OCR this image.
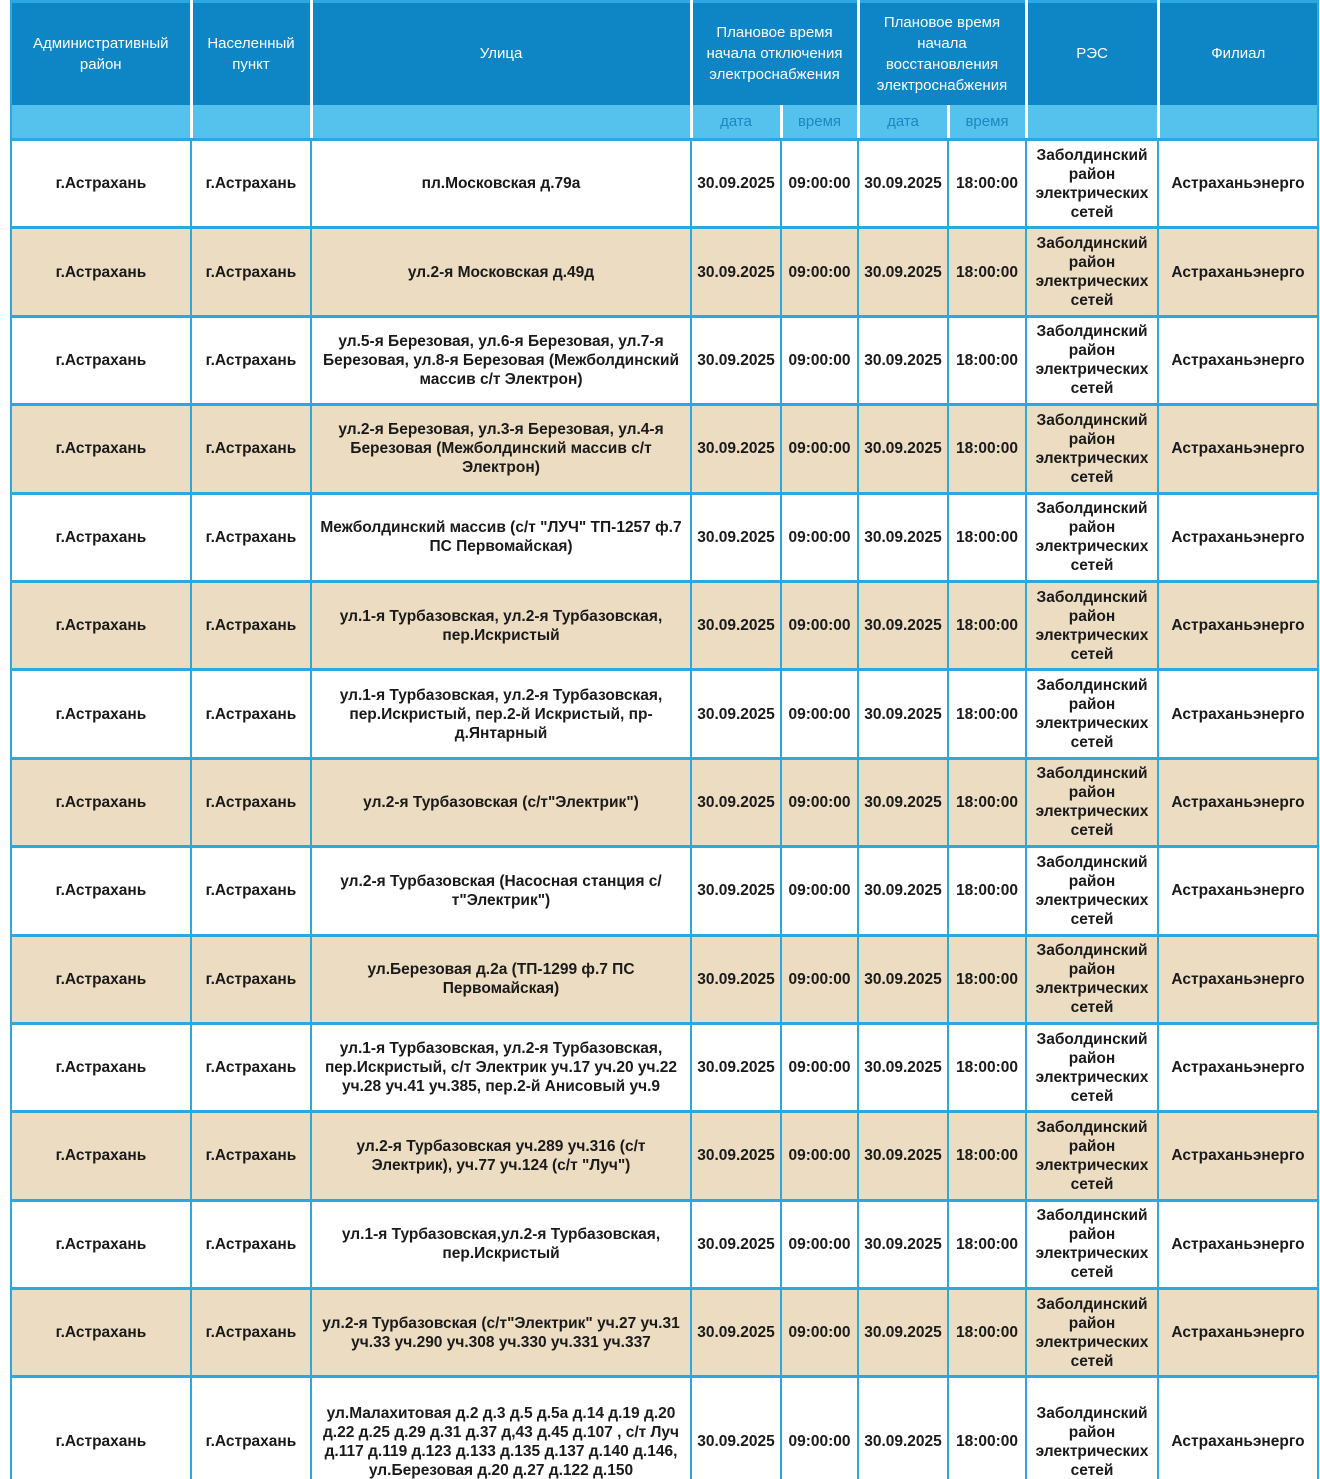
Административный район	Населенный пункт	Улица	Плановое время начала отключения электроснабжения		Плановое время начала восстановления электроснабжения		РЭС	Филиал
			дата	время	дата	время		
г.Астрахань	г.Астрахань	пл.Московская д.79а	30.09.2025	09:00:00	30.09.2025	18:00:00	Заболдинский район электрических сетей	Астраханьэнерго
г.Астрахань	г.Астрахань	ул.2-я Московская д.49д	30.09.2025	09:00:00	30.09.2025	18:00:00	Заболдинский район электрических сетей	Астраханьэнерго
г.Астрахань	г.Астрахань	ул.5-я Березовая, ул.6-я Березовая, ул.7-я Березовая, ул.8-я Березовая (Межболдинский массив с/т Электрон)	30.09.2025	09:00:00	30.09.2025	18:00:00	Заболдинский район электрических сетей	Астраханьэнерго
г.Астрахань	г.Астрахань	ул.2-я Березовая, ул.3-я Березовая, ул.4-я Березовая (Межболдинский массив с/т Электрон)	30.09.2025	09:00:00	30.09.2025	18:00:00	Заболдинский район электрических сетей	Астраханьэнерго
г.Астрахань	г.Астрахань	Межболдинский массив (с/т "ЛУЧ" ТП-1257 ф.7 ПС Первомайская)	30.09.2025	09:00:00	30.09.2025	18:00:00	Заболдинский район электрических сетей	Астраханьэнерго
г.Астрахань	г.Астрахань	ул.1-я Турбазовская, ул.2-я Турбазовская, пер.Искристый	30.09.2025	09:00:00	30.09.2025	18:00:00	Заболдинский район электрических сетей	Астраханьэнерго
г.Астрахань	г.Астрахань	ул.1-я Турбазовская, ул.2-я Турбазовская, пер.Искристый, пер.2-й Искристый, пр-д.Янтарный	30.09.2025	09:00:00	30.09.2025	18:00:00	Заболдинский район электрических сетей	Астраханьэнерго
г.Астрахань	г.Астрахань	ул.2-я Турбазовская (с/т"Электрик")	30.09.2025	09:00:00	30.09.2025	18:00:00	Заболдинский район электрических сетей	Астраханьэнерго
г.Астрахань	г.Астрахань	ул.2-я Турбазовская (Насосная станция с/т"Электрик")	30.09.2025	09:00:00	30.09.2025	18:00:00	Заболдинский район электрических сетей	Астраханьэнерго
г.Астрахань	г.Астрахань	ул.Березовая д.2а (ТП-1299 ф.7 ПС Первомайская)	30.09.2025	09:00:00	30.09.2025	18:00:00	Заболдинский район электрических сетей	Астраханьэнерго
г.Астрахань	г.Астрахань	ул.1-я Турбазовская, ул.2-я Турбазовская, пер.Искристый, с/т Электрик уч.17 уч.20 уч.22 уч.28 уч.41 уч.385, пер.2-й Анисовый уч.9	30.09.2025	09:00:00	30.09.2025	18:00:00	Заболдинский район электрических сетей	Астраханьэнерго
г.Астрахань	г.Астрахань	ул.2-я Турбазовская уч.289 уч.316 (с/т Электрик), уч.77 уч.124 (с/т "Луч")	30.09.2025	09:00:00	30.09.2025	18:00:00	Заболдинский район электрических сетей	Астраханьэнерго
г.Астрахань	г.Астрахань	ул.1-я Турбазовская,ул.2-я Турбазовская, пер.Искристый	30.09.2025	09:00:00	30.09.2025	18:00:00	Заболдинский район электрических сетей	Астраханьэнерго
г.Астрахань	г.Астрахань	ул.2-я Турбазовская (с/т"Электрик" уч.27 уч.31 уч.33 уч.290 уч.308 уч.330 уч.331 уч.337	30.09.2025	09:00:00	30.09.2025	18:00:00	Заболдинский район электрических сетей	Астраханьэнерго
г.Астрахань	г.Астрахань	ул.Малахитовая д.2 д.3 д.5 д.5а д.14 д.19 д.20 д.22 д.25 д.29 д.31 д.37 д,43 д.45 д.107 , с/т Луч д.117 д.119 д.123 д.133 д.135 д.137 д.140 д.146, ул.Березовая д.20 д.27 д.122 д.150	30.09.2025	09:00:00	30.09.2025	18:00:00	Заболдинский район электрических сетей	Астраханьэнерго
